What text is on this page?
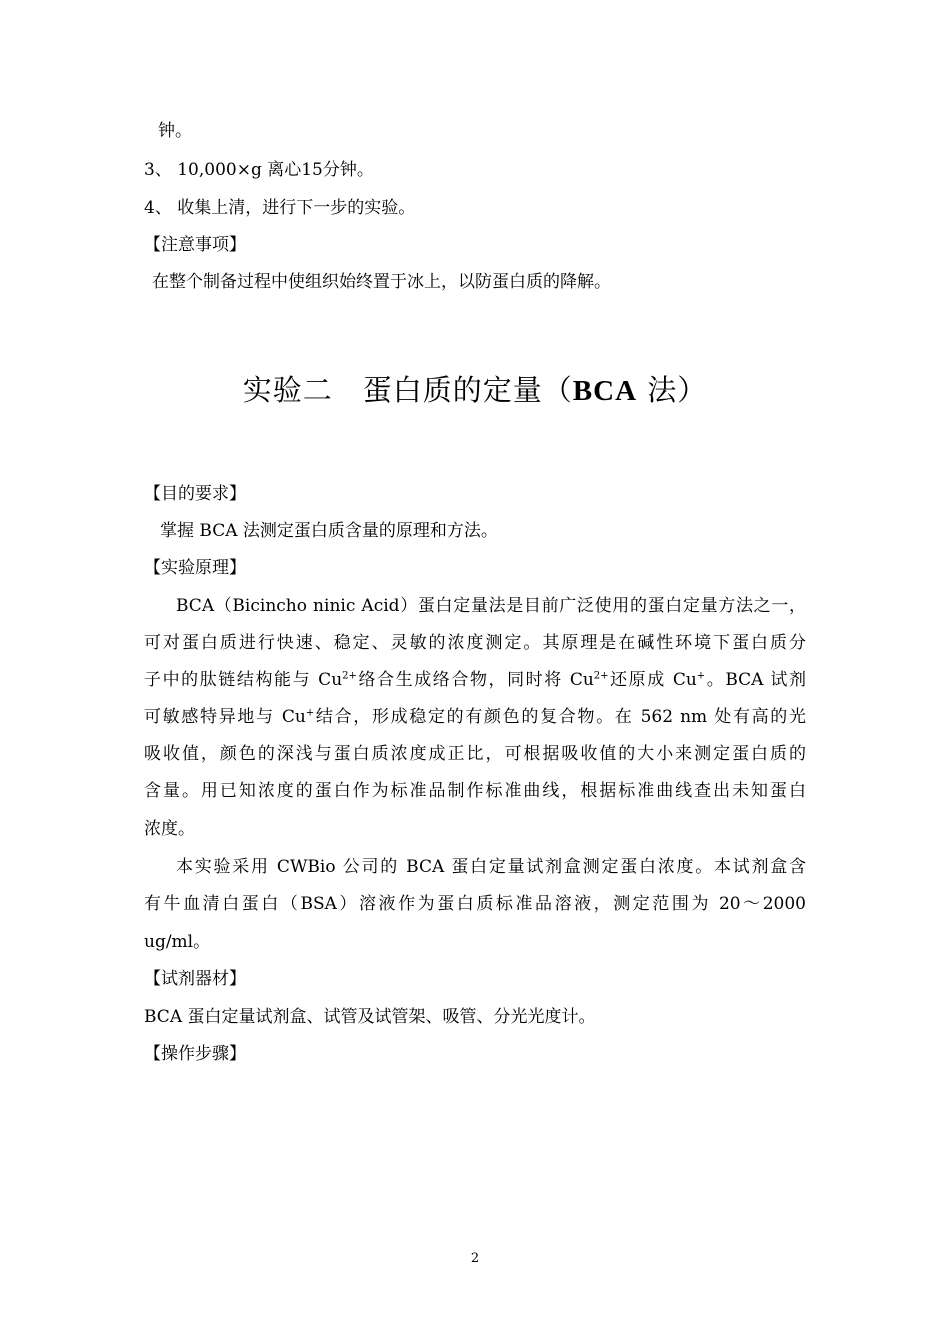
钟。
3、 10,000×g 离心15分钟。
4、 收集上清，进行下一步的实验。
【注意事项】
在整个制备过程中使组织始终置于冰上，以防蛋白质的降解。
实验二　蛋白质的定量（BCA 法）
【目的要求】
掌握 BCA 法测定蛋白质含量的原理和方法。
【实验原理】
BCA（Bicincho ninic Acid）蛋白定量法是目前广泛使用的蛋白定量方法之一，
可对蛋白质进行快速、稳定、灵敏的浓度测定。其原理是在碱性环境下蛋白质分
子中的肽链结构能与 $Cu^{2+}$络合生成络合物，同时将 $Cu^{2+}$还原成 Cu+。BCA 试剂
可敏感特异地与 Cu+结合，形成稳定的有颜色的复合物。在 562 nm 处有高的光
吸收值，颜色的深浅与蛋白质浓度成正比，可根据吸收值的大小来测定蛋白质的
含量。用已知浓度的蛋白作为标准品制作标准曲线，根据标准曲线查出未知蛋白
浓度。
本实验采用 CWBio 公司的 BCA 蛋白定量试剂盒测定蛋白浓度。本试剂盒含
有牛血清白蛋白（BSA）溶液作为蛋白质标准品溶液，测定范围为 20～2000
ug/ml。
【试剂器材】
BCA 蛋白定量试剂盒、试管及试管架、吸管、分光光度计。
【操作步骤】
2
